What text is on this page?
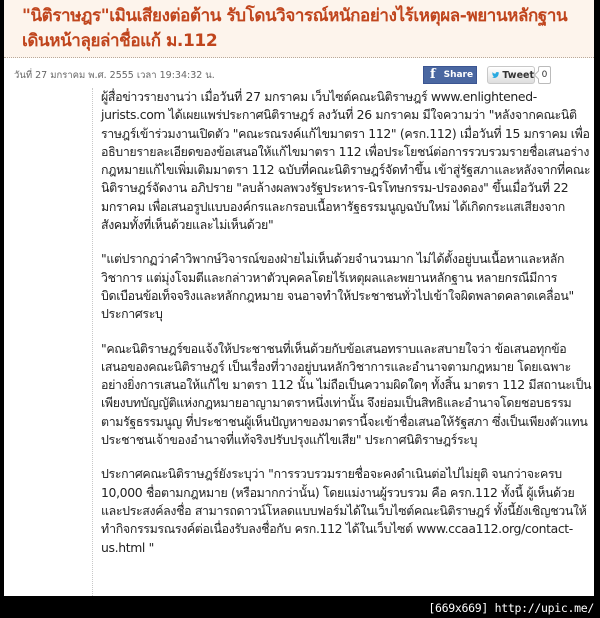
"นิติราษฎร"เมินเสียงต่อต้าน รับโดนวิจารณ์หนักอย่างไร้เหตุผล-พยานหลักฐาน เดินหน้าลุยล่าชื่อแก้ ม.112
วันที่ 27 มกราคม พ.ศ. 2555 เวลา 19:34:32 น.	f Share	Tweet 0

ผู้สื่อข่าวรายงานว่า เมื่อวันที่ 27 มกราคม เว็บไซต์คณะนิติราษฎร์ www.enlightened-jurists.com ได้เผยแพร่ประกาศนิติราษฎร์ ลงวันที่ 26 มกราคม มีใจความว่า "หลังจากคณะนิติราษฎร์เข้าร่วมงานเปิดตัว "คณะรณรงค์แก้ไขมาตรา 112" (ครก.112) เมื่อวันที่ 15 มกราคม เพื่ออธิบายรายละเอียดของข้อเสนอให้แก้ไขมาตรา 112 เพื่อประโยชน์ต่อการรวบรวมรายชื่อเสนอร่างกฎหมายแก้ไขเพิ่มเติมมาตรา 112 ฉบับที่คณะนิติราษฎร์จัดทำขึ้น เข้าสู่รัฐสภาและหลังจากที่คณะนิติราษฎร์จัดงาน อภิปราย "ลบล้างผลพวงรัฐประหาร-นิรโทษกรรม-ปรองดอง" ขึ้นเมื่อวันที่ 22 มกราคม เพื่อเสนอรูปแบบองค์กรและกรอบเนื้อหารัฐธรรมนูญฉบับใหม่ ได้เกิดกระแสเสียงจากสังคมทั้งที่เห็นด้วยและไม่เห็นด้วย"

"แต่ปรากฏว่าคำวิพากษ์วิจารณ์ของฝ่ายไม่เห็นด้วยจำนวนมาก ไม่ได้ตั้งอยู่บนเนื้อหาและหลักวิชาการ แต่มุ่งโจมตีและกล่าวหาตัวบุคคลโดยไร้เหตุผลและพยานหลักฐาน หลายกรณีมีการบิดเบือนข้อเท็จจริงและหลักกฎหมาย จนอาจทำให้ประชาชนทั่วไปเข้าใจผิดพลาดคลาดเคลื่อน" ประกาศระบุ

"คณะนิติราษฎร์ขอแจ้งให้ประชาชนที่เห็นด้วยกับข้อเสนอทราบและสบายใจว่า ข้อเสนอทุกข้อเสนอของคณะนิติราษฎร์ เป็นเรื่องที่วางอยู่บนหลักวิชาการและอำนาจตามกฎหมาย โดยเฉพาะอย่างยิ่งการเสนอให้แก้ไข มาตรา 112 นั้น ไม่ถือเป็นความผิดใดๆ ทั้งสิ้น มาตรา 112 มีสถานะเป็นเพียงบทบัญญัติแห่งกฎหมายอาญามาตราหนึ่งเท่านั้น จึงย่อมเป็นสิทธิและอำนาจโดยชอบธรรมตามรัฐธรรมนูญ ที่ประชาชนผู้เห็นปัญหาของมาตรานี้จะเข้าชื่อเสนอให้รัฐสภา ซึ่งเป็นเพียงตัวแทนประชาชนเจ้าของอำนาจที่แท้จริงปรับปรุงแก้ไขเสีย" ประกาศนิติราษฎร์ระบุ

ประกาศคณะนิติราษฎร์ยังระบุว่า "การรวบรวมรายชื่อจะคงดำเนินต่อไปไม่ยุติ จนกว่าจะครบ 10,000 ชื่อตามกฎหมาย (หรือมากกว่านั้น) โดยแม่งานผู้รวบรวม คือ ครก.112 ทั้งนี้ ผู้เห็นด้วยและประสงค์ลงชื่อ สามารถดาวน์โหลดแบบฟอร์มได้ในเว็บไซต์คณะนิติราษฎร์ ทั้งนี้ยังเชิญชวนให้ทำกิจกรรมรณรงค์ต่อเนื่องรับลงชื่อกับ ครก.112 ได้ในเว็บไซต์ www.ccaa112.org/contact-us.html "

[669x669] http://upic.me/
